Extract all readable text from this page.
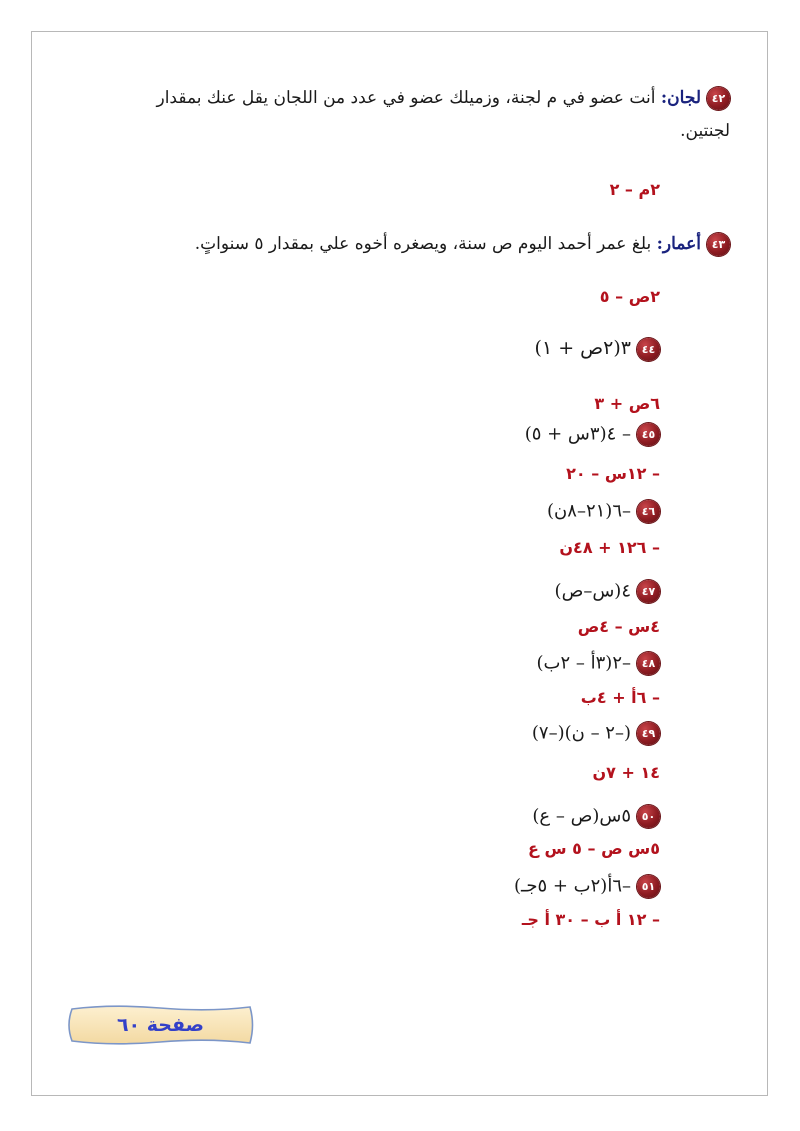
٤٢لجان: أنت عضو في م لجنة، وزميلك عضو في عدد من اللجان يقل عنك بمقدار لجنتين.
٢م – ٢
٤٣أعمار: بلغ عمر أحمد اليوم ص سنة، ويصغره أخوه علي بمقدار ٥ سنواتٍ.
٢ص – ٥
٤٤٣(٢ص + ١)
٦ص + ٣
٤٥– ٤(٣س + ٥)
– ١٢س – ٢٠
٤٦–٦(٢١–٨ن)
– ١٢٦ + ٤٨ن
٤٧٤(س–ص)
٤س – ٤ص
٤٨–٢(٣أ – ٢ب)
– ٦أ + ٤ب
٤٩(–٢ – ن)(–٧)
١٤ + ٧ن
٥٠٥س(ص – ع)
٥س ص – ٥ س ع
٥١–٦أ(٢ب + ٥جـ)
– ١٢ أ ب – ٣٠ أ جـ
صفحة ٦٠
